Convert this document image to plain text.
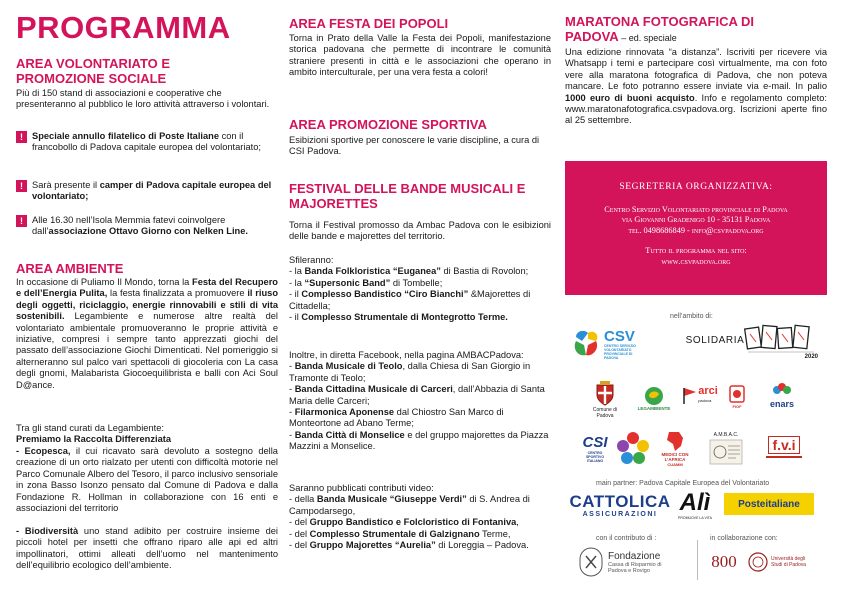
PROGRAMMA
AREA VOLONTARIATO E PROMOZIONE SOCIALE
Più di 150 stand di associazioni e cooperative che presenteranno al pubblico le loro attività attraverso i volontari.
! Speciale annullo filatelico di Poste Italiane con il francobollo di Padova capitale europea del volontariato;
! Sarà presente il camper di Padova capitale europea del volontariato;
! Alle 16.30 nell’Isola Memmia fatevi coinvolgere dall’associazione Ottavo Giorno con Nelken Line.
AREA AMBIENTE
In occasione di Puliamo Il Mondo, torna la Festa del Recupero e dell’Energia Pulita, la festa finalizzata a promuovere il riuso degli oggetti, riciclaggio, energie rinnovabili e stili di vita sostenibili. Legambiente e numerose altre realtà del volontariato ambientale promuoveranno le proprie attività e iniziative, compresi i sempre tanto apprezzati giochi del passato dell’associazione Giochi Dimenticati. Nel pomeriggio si alterneranno sul palco vari spettacoli di giocoleria con La casa degli gnomi, Malabarista Giocoequilibrista e balli con Aci Soul D@ance.
Tra gli stand curati da Legambiente:
Premiamo la Raccolta Differenziata
- Ecopesca, il cui ricavato sarà devoluto a sostegno della creazione di un orto rialzato per utenti con difficoltà motorie nel Parco Comunale Albero del Tesoro, il parco inclusivo sensoriale in zona Basso Isonzo pensato dal Comune di Padova e dalla Fondazione R. Hollman in collaborazione con 16 enti e associazioni del territorio
- Biodiversità uno stand adibito per costruire insieme dei piccoli hotel per insetti che offrano riparo alle api ed altri impollinatori, ottimi alleati dell’uomo nel mantenimento dell’equilibrio ecologico dell’ambiente.
AREA FESTA DEI POPOLI
Torna in Prato della Valle la Festa dei Popoli, manifestazione storica padovana che permette di incontrare le comunità straniere presenti in città e le associazioni che operano in ambito interculturale, per una vera festa a colori!
AREA PROMOZIONE SPORTIVA
Esibizioni sportive per conoscere le varie discipline, a cura di CSI Padova.
FESTIVAL DELLE BANDE MUSICALI E MAJORETTES
Torna il Festival promosso da Ambac Padova con le esibizioni delle bande e majorettes del territorio.
Sfileranno:
- la Banda Folkloristica “Euganea” di Bastia di Rovolon;
- la “Supersonic Band” di Tombelle;
- il Complesso Bandistico “Ciro Bianchi” &Majorettes di Cittadella;
- il Complesso Strumentale di Montegrotto Terme.
Inoltre, in diretta Facebook, nella pagina AMBACPadova:
- Banda Musicale di Teolo, dalla Chiesa di San Giorgio in Tramonte di Teolo;
- Banda Cittadina Musicale di Carceri, dall’Abbazia di Santa Maria delle Carceri;
- Filarmonica Aponense dal Chiostro San Marco di Monteortone ad Abano Terme;
- Banda Città di Monselice e del gruppo majorettes da Piazza Mazzini a Monselice.
Saranno pubblicati contributi video:
- della Banda Musicale “Giuseppe Verdi” di S. Andrea di Campodarsego,
- del Gruppo Bandistico e Folcloristico di Fontaniva,
- del Complesso Strumentale di Galzignano Terme,
- del Gruppo Majorettes “Aurelia” di Loreggia – Padova.
MARATONA FOTOGRAFICA DI PADOVA – ed. speciale
Una edizione rinnovata “a distanza”. Iscriviti per ricevere via Whatsapp i temi e partecipare così virtualmente, ma con foto vere alla maratona fotografica di Padova, che non poteva mancare. Le foto potranno essere inviate via e-mail. In palio 1000 euro di buoni acquisto. Info e regolamento completo: www.maratonafotografica.csvpadova.org. Iscrizioni aperte fino al 25 settembre.
SEGRETERIA ORGANIZZATIVA:
Centro Servizio Volontariato provinciale di Padova
via Giovanni Gradenigo 10 - 35131 Padova
tel. 0498686849 - info@csvpadova.org
Tutto il programma nel sito:
www.csvpadova.org
nell’ambito di:
CSV
CENTRO SERVIZIO VOLONTARIATO PROVINCIALE DI PADOVA
SOLIDARIA
2020
Comune di Padova
LEGAMBIENTE
arci
padova
FIOF	enars
CSI
CENTRO SPORTIVO ITALIANO
MEDICI CON L’AFRICA
CUAMM
A.M.B.A.C.
f.v.i
main partner: Padova Capitale Europea del Volontariato
CATTOLICA
ASSICURAZIONI Alì
PROMUOVE LA VITA
Posteitaliane
con il contributo di :	in collaborazione con:
Fondazione
Cassa di Risparmio di Padova e Rovigo	800	Università degli Studi di Padova
